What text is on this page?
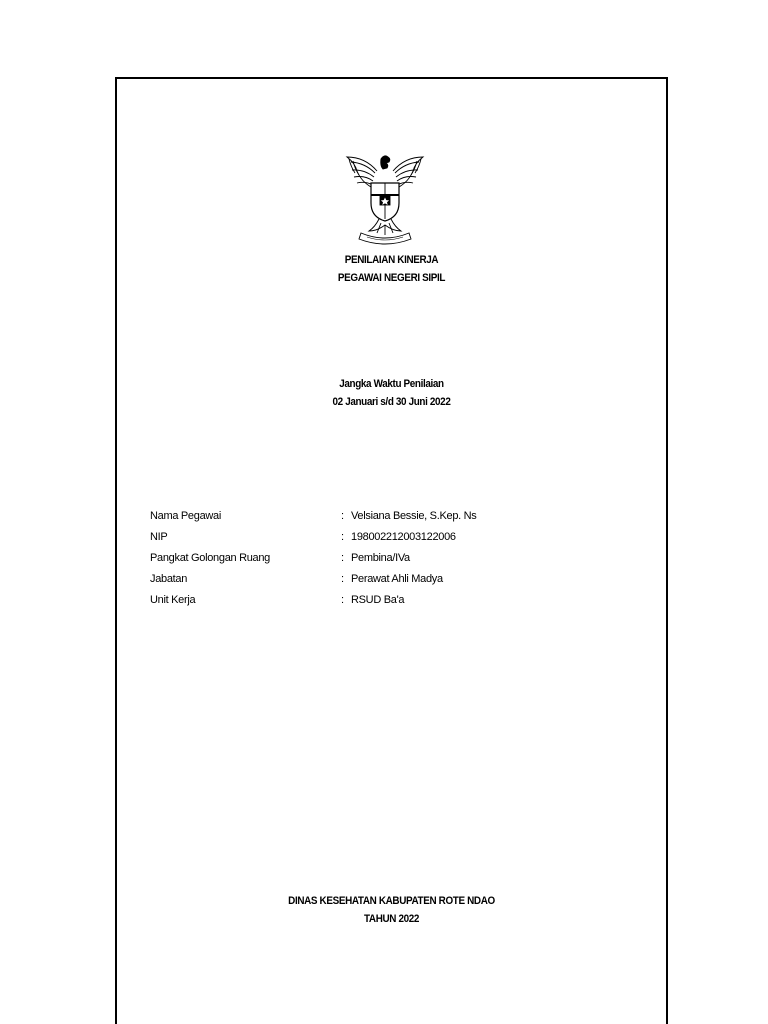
PENILAIAN KINERJA
PEGAWAI NEGERI SIPIL
Jangka Waktu Penilaian
02 Januari s/d 30 Juni 2022
Nama Pegawai	: Velsiana Bessie, S.Kep. Ns
NIP	: 198002212003122006
Pangkat Golongan Ruang	: Pembina/IVa
Jabatan	: Perawat Ahli Madya
Unit Kerja	: RSUD Ba'a
DINAS KESEHATAN KABUPATEN ROTE NDAO
TAHUN 2022
